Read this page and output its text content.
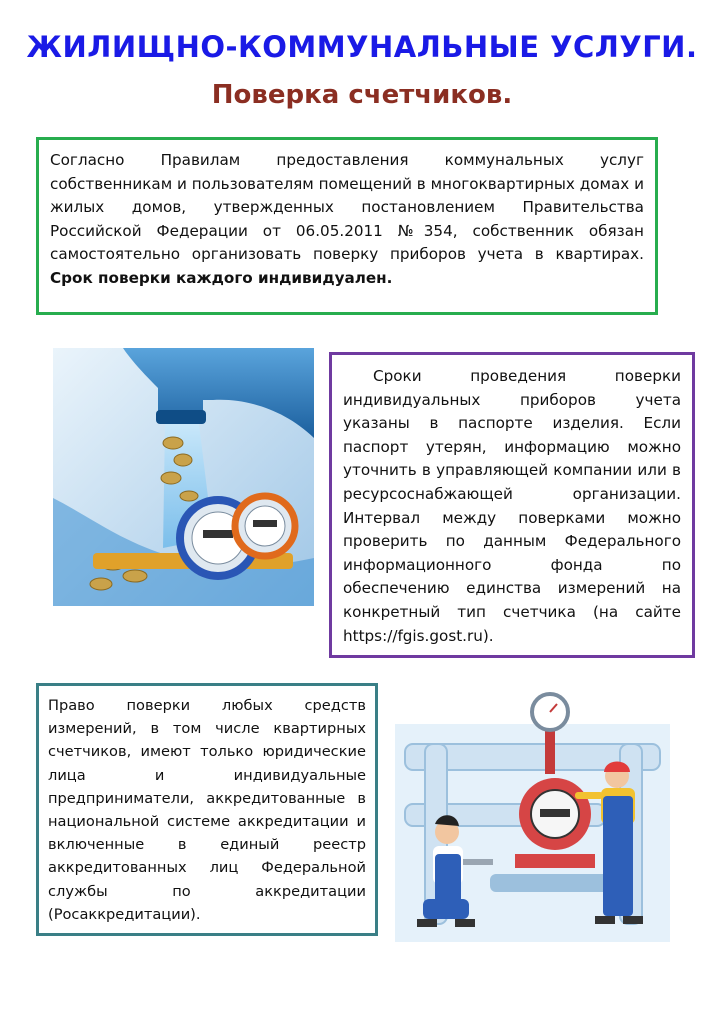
ЖИЛИЩНО-КОММУНАЛЬНЫЕ УСЛУГИ.
Поверка счетчиков.
Согласно Правилам предоставления коммунальных услуг собственникам и пользователям помещений в многоквартирных домах и жилых домов, утвержденных постановлением Правительства Российской Федерации от 06.05.2011 №354, собственник обязан самостоятельно организовать поверку приборов учета в квартирах. Срок поверки каждого индивидуален.
Сроки проведения поверки индивидуальных приборов учета указаны в паспорте изделия. Если паспорт утерян, информацию можно уточнить в управляющей компании или в ресурсоснабжающей организации. Интервал между поверками можно проверить по данным Федерального информационного фонда по обеспечению единства измерений на конкретный тип счетчика (на сайте https://fgis.gost.ru).
Право поверки любых средств измерений, в том числе квартирных счетчиков, имеют только юридические лица и индивидуальные предприниматели, аккредитованные в национальной системе аккредитации и включенные в единый реестр аккредитованных лиц Федеральной службы по аккредитации (Росаккредитации).
